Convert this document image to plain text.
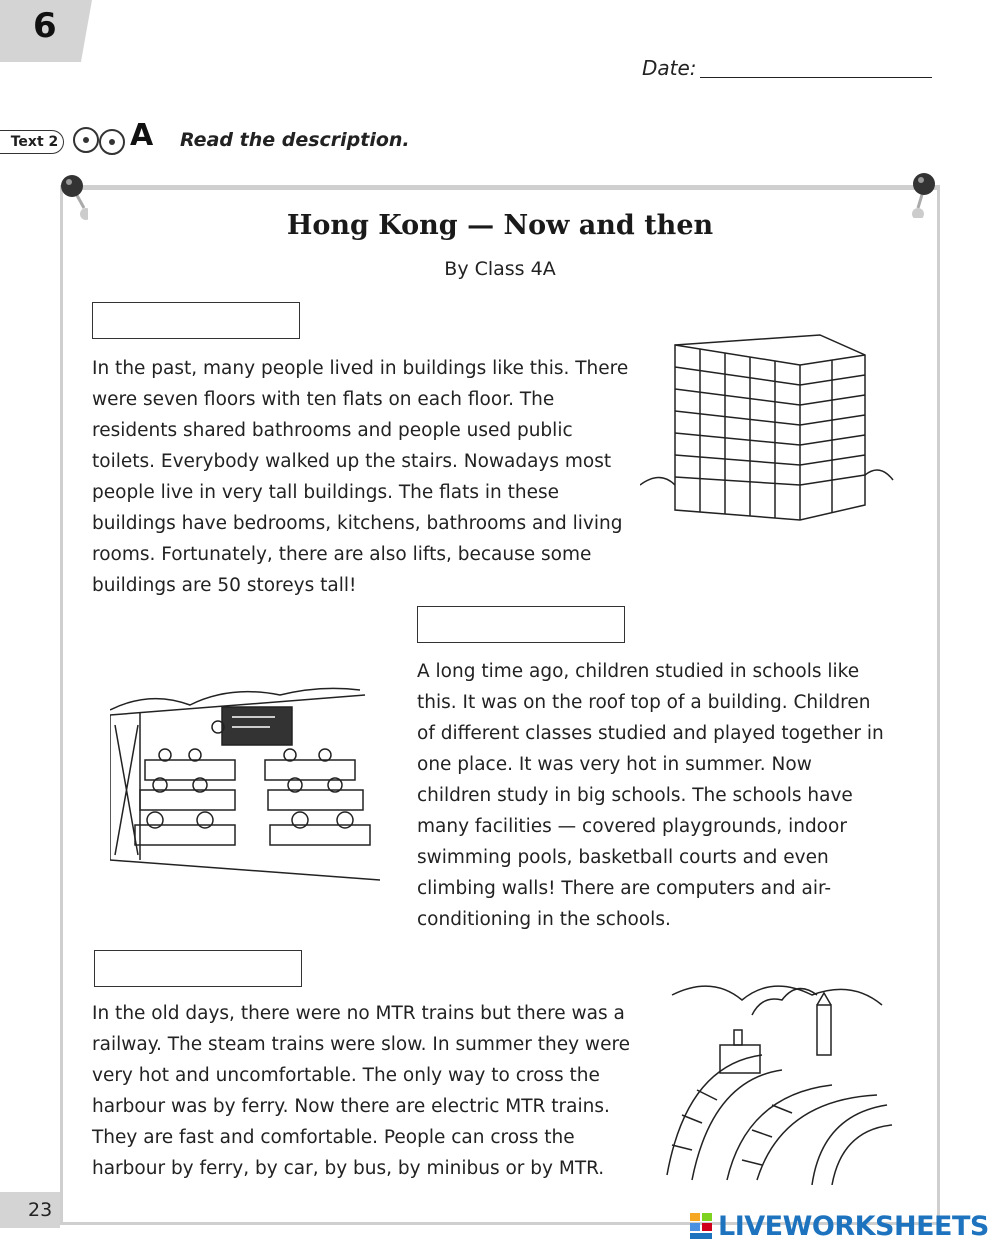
6
Date:
Text 2 A Read the description.
Hong Kong — Now and then
By Class 4A
In the past, many people lived in buildings like this. There were seven floors with ten flats on each floor. The residents shared bathrooms and people used public toilets. Everybody walked up the stairs. Nowadays most people live in very tall buildings. The flats in these buildings have bedrooms, kitchens, bathrooms and living rooms. Fortunately, there are also lifts, because some buildings are 50 storeys tall!
A long time ago, children studied in schools like this. It was on the roof top of a building. Children of different classes studied and played together in one place. It was very hot in summer. Now children study in big schools. The schools have many facilities — covered playgrounds, indoor swimming pools, basketball courts and even climbing walls! There are computers and air-conditioning in the schools.
In the old days, there were no MTR trains but there was a railway. The steam trains were slow. In summer they were very hot and uncomfortable. The only way to cross the harbour was by ferry. Now there are electric MTR trains. They are fast and comfortable. People can cross the harbour by ferry, by car, by bus, by minibus or by MTR.
23
LIVEWORKSHEETS
